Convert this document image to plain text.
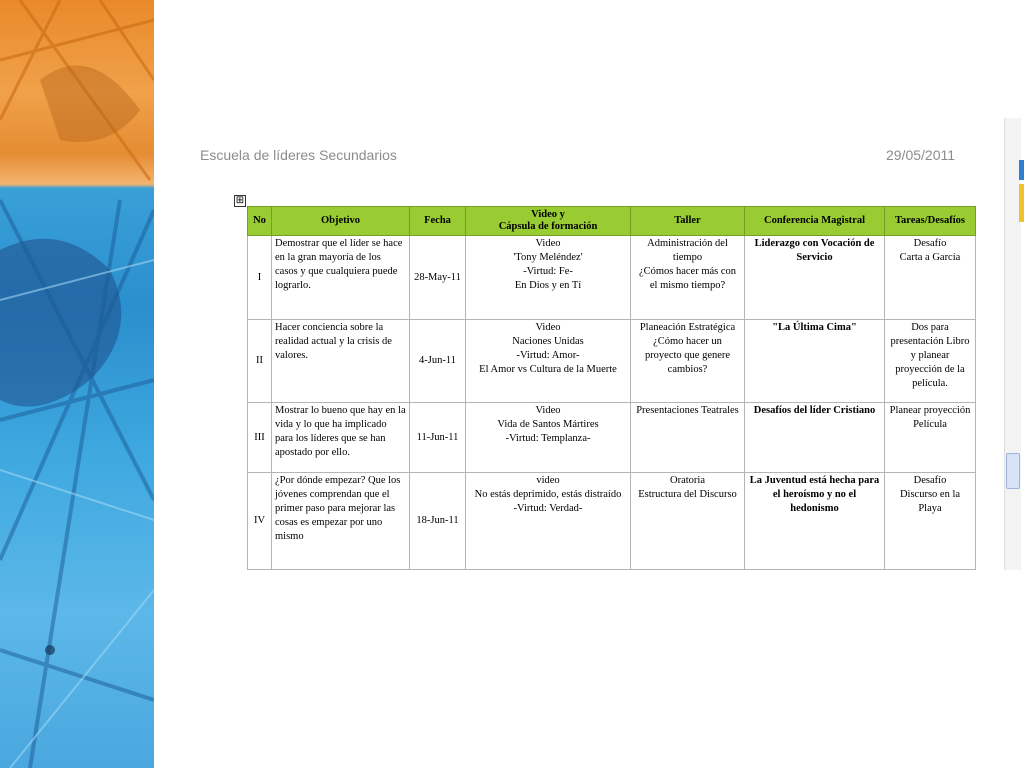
Escuela de líderes Secundarios	29/05/2011
⊞
No	Objetivo	Fecha	Video y
Cápsula de formación	Taller	Conferencia Magistral	Tareas/Desafíos
I	Demostrar que el líder se hace en la gran mayoría de los casos y que cualquiera puede lograrlo.	28-May-11	Video
'Tony Meléndez'
-Virtud: Fe-
En Dios y en Tí	Administración del tiempo
¿Cómos hacer más con el mismo tiempo?	Liderazgo con Vocación de Servicio	Desafío
Carta a García

II	Hacer conciencia sobre la realidad actual y la crisis de valores.	4-Jun-11	Video
Naciones Unidas
-Virtud: Amor-
El Amor vs Cultura de la Muerte	Planeación Estratégica
¿Cómo hacer un proyecto que genere cambios?	"La Última Cima"	Dos para presentación Libro y planear proyección de la película.
III	Mostrar lo bueno que hay en la vida y lo que ha implicado para los líderes que se han apostado por ello.	11-Jun-11	Video
Vida de Santos Mártires
-Virtud: Templanza-	Presentaciones Teatrales	Desafíos del líder Cristiano	Planear proyección Película
IV	¿Por dónde empezar? Que los jóvenes comprendan que el primer paso para mejorar las cosas es empezar por uno mismo	18-Jun-11	video
No estás deprimido, estás distraído
-Virtud: Verdad-	Oratoria
Estructura del Discurso	La Juventud está hecha para el heroísmo y no el hedonismo	Desafío
Discurso en la Playa
